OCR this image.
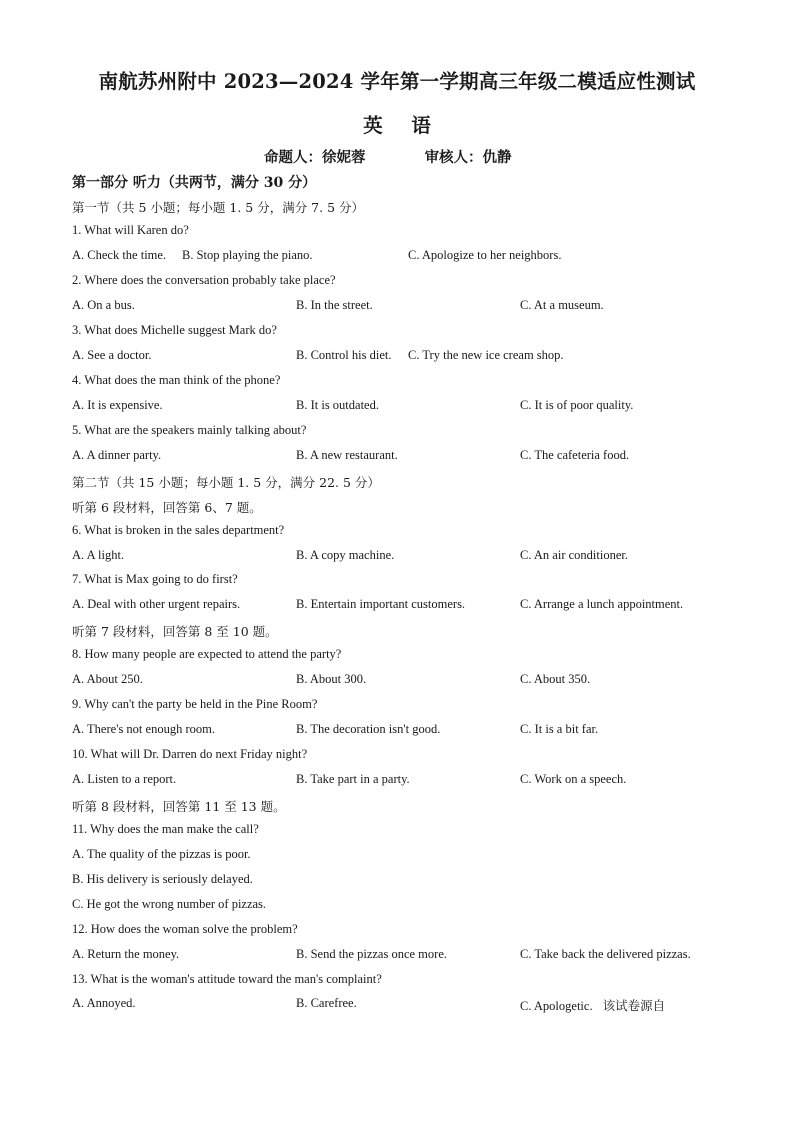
南航苏州附中 2023—2024 学年第一学期高三年级二模适应性测试
英 语
命题人：徐妮蓉	审核人：仇静
第一部分 听力（共两节，满分 30 分）
第一节（共 5 小题；每小题 1. 5 分，满分 7. 5 分）
1. What will Karen do?
A. Check the time. B. Stop playing the piano.	C. Apologize to her neighbors.
2. Where does the conversation probably take place?
A. On a bus.	B. In the street.	C. At a museum.
3. What does Michelle suggest Mark do?
A. See a doctor.	B. Control his diet. C. Try the new ice cream shop.
4. What does the man think of the phone?
A. It is expensive.	B. It is outdated.	C. It is of poor quality.
5. What are the speakers mainly talking about?
A. A dinner party.	B. A new restaurant.	C. The cafeteria food.
第二节（共 15 小题；每小题 1. 5 分，满分 22. 5 分）
听第 6 段材料，回答第 6、7 题。
6. What is broken in the sales department?
A. A light.	B. A copy machine.	C. An air conditioner.
7. What is Max going to do first?
A. Deal with other urgent repairs.	B. Entertain important customers.	C. Arrange a lunch appointment.
听第 7 段材料，回答第 8 至 10 题。
8. How many people are expected to attend the party?
A. About 250.	B. About 300.	C. About 350.
9. Why can't the party be held in the Pine Room?
A. There's not enough room.	B. The decoration isn't good.	C. It is a bit far.
10. What will Dr. Darren do next Friday night?
A. Listen to a report.	B. Take part in a party.	C. Work on a speech.
听第 8 段材料，回答第 11 至 13 题。
11. Why does the man make the call?
A. The quality of the pizzas is poor.
B. His delivery is seriously delayed.
C. He got the wrong number of pizzas.
12. How does the woman solve the problem?
A. Return the money.	B. Send the pizzas once more.	C. Take back the delivered pizzas.
13. What is the woman's attitude toward the man's complaint?
A. Annoyed.	B. Carefree.	C. Apologetic. 该试卷源自
